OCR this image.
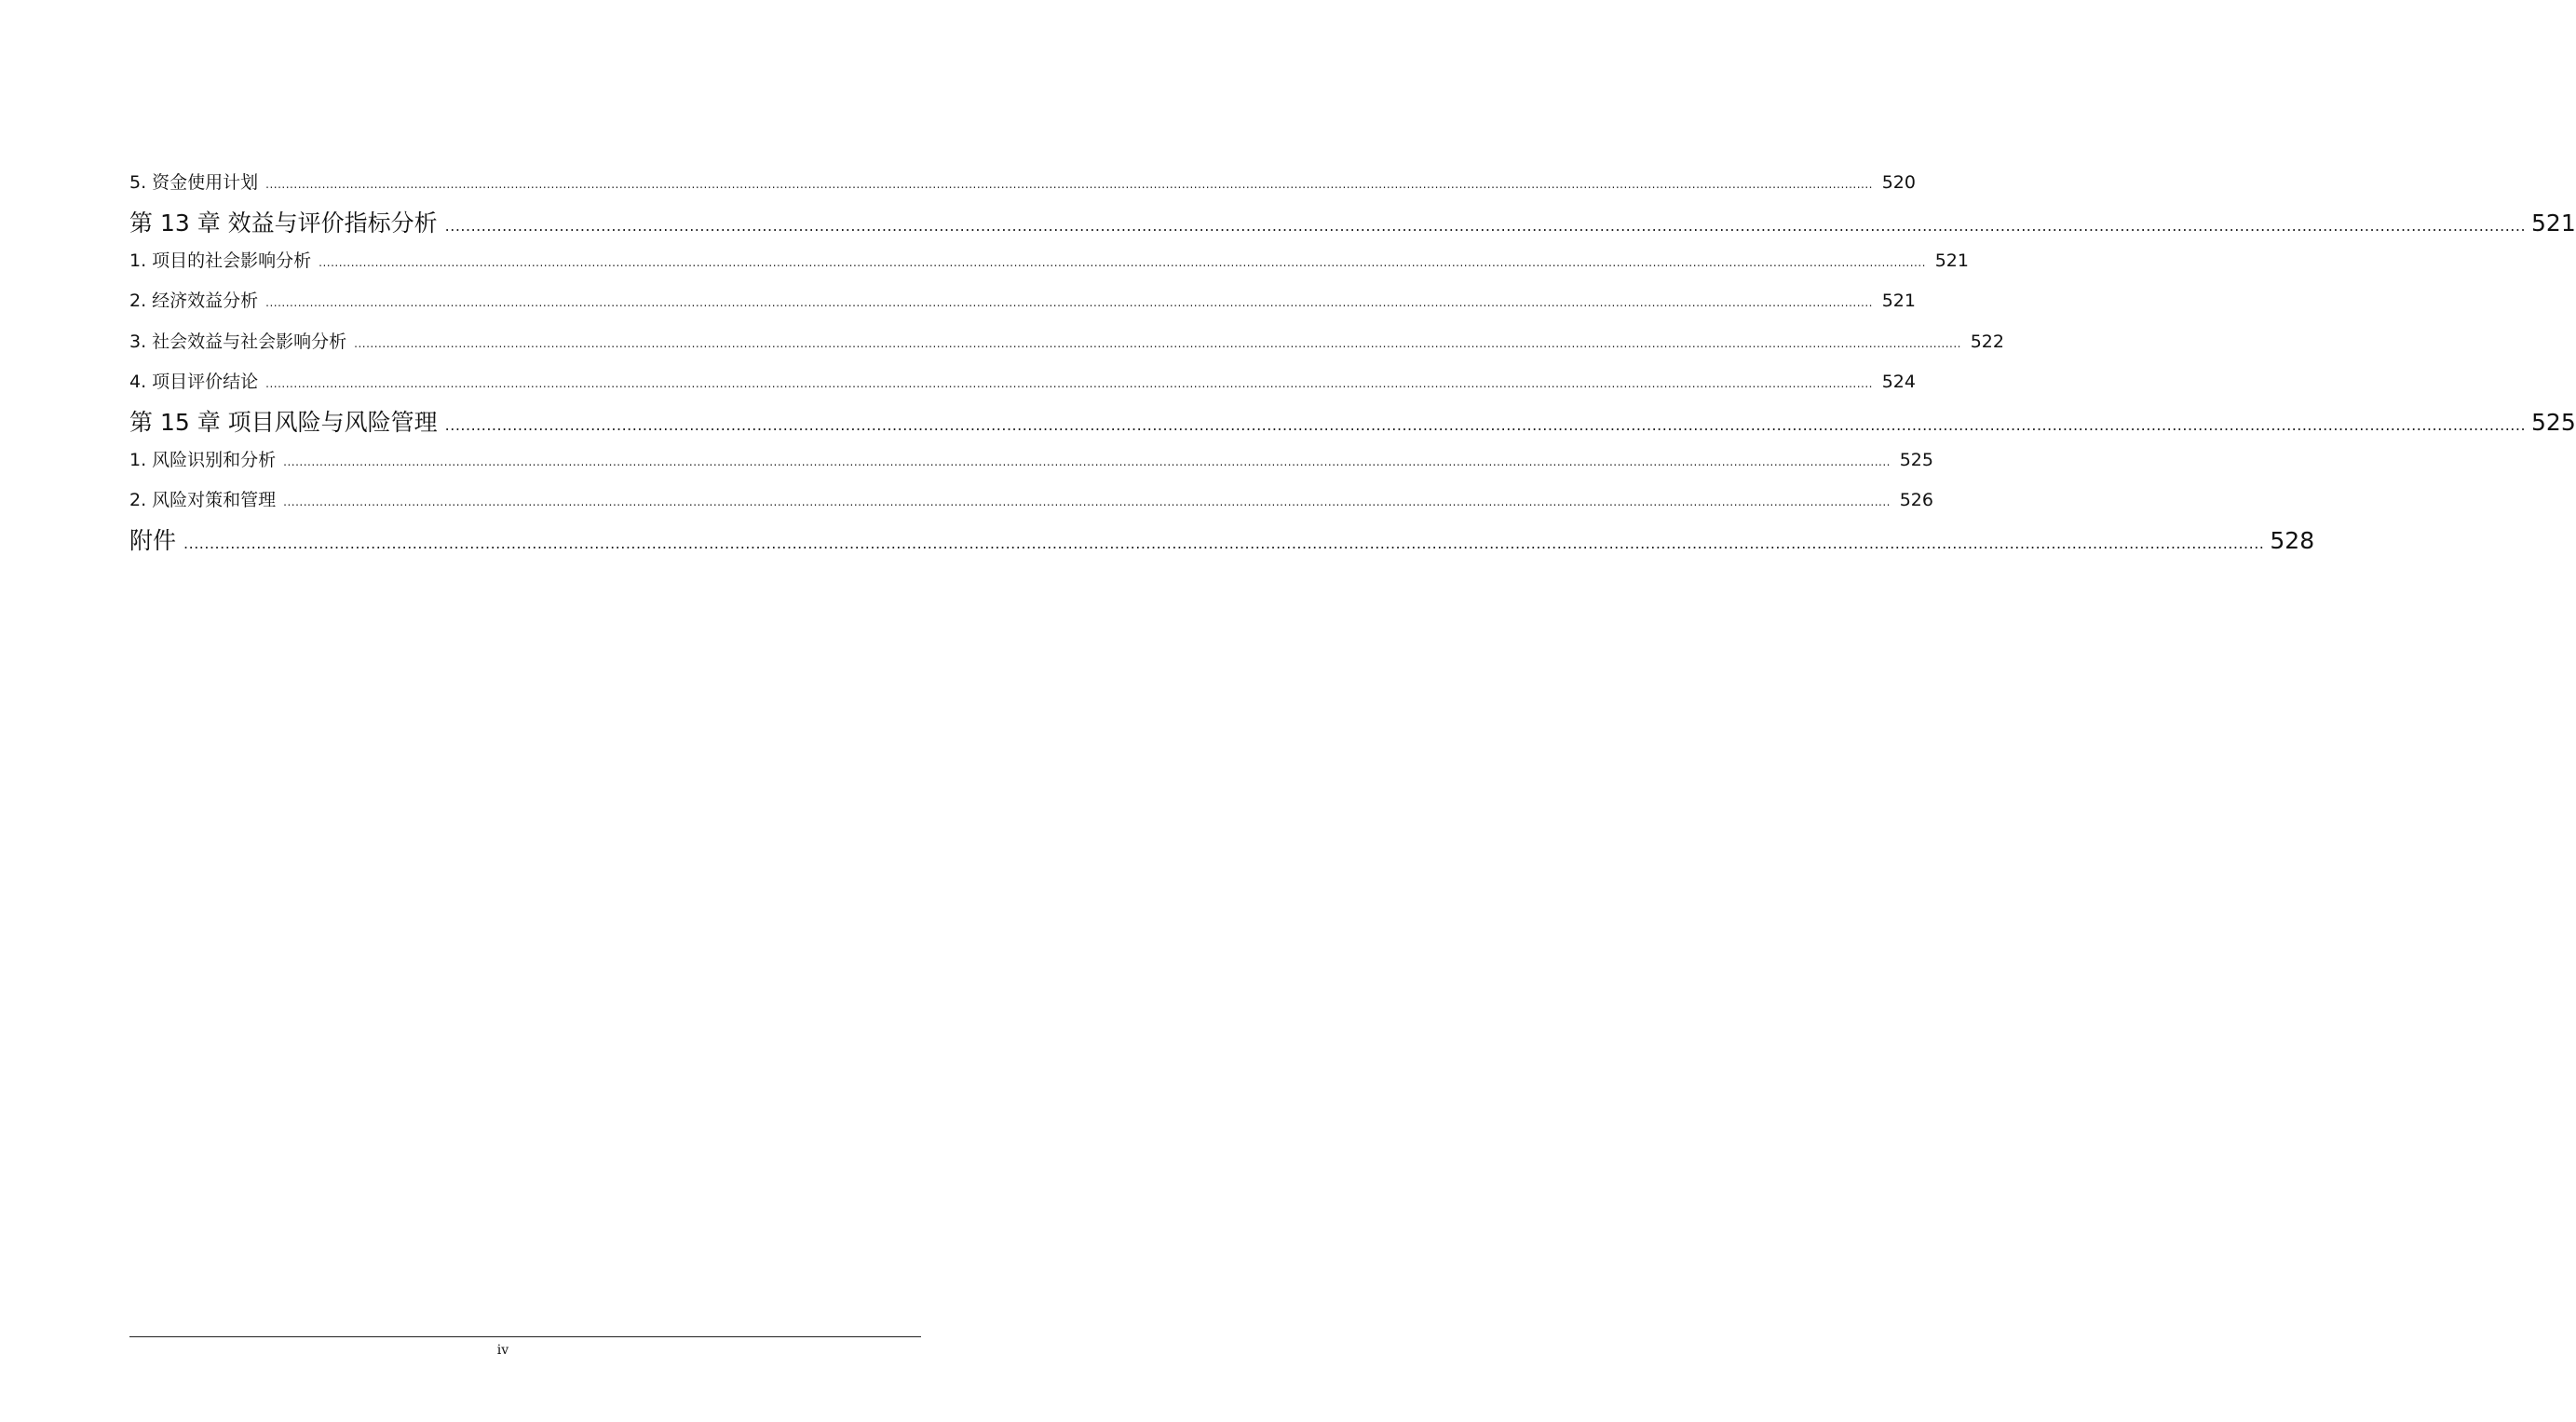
5. 资金使用计划 ................................................................................................................................................................................................................................................................................................................................................................................................................ 520
第 13 章 效益与评价指标分析 ................................................................................................................................................................................................................................................................................................................................................................................................................ 521
1. 项目的社会影响分析 ................................................................................................................................................................................................................................................................................................................................................................................................................ 521
2. 经济效益分析 ................................................................................................................................................................................................................................................................................................................................................................................................................ 521
3. 社会效益与社会影响分析 ................................................................................................................................................................................................................................................................................................................................................................................................................ 522
4. 项目评价结论 ................................................................................................................................................................................................................................................................................................................................................................................................................ 524
第 15 章 项目风险与风险管理 ................................................................................................................................................................................................................................................................................................................................................................................................................ 525
1. 风险识别和分析 ................................................................................................................................................................................................................................................................................................................................................................................................................ 525
2. 风险对策和管理 ................................................................................................................................................................................................................................................................................................................................................................................................................ 526
附件 ................................................................................................................................................................................................................................................................................................................................................................................................................ 528
iv
